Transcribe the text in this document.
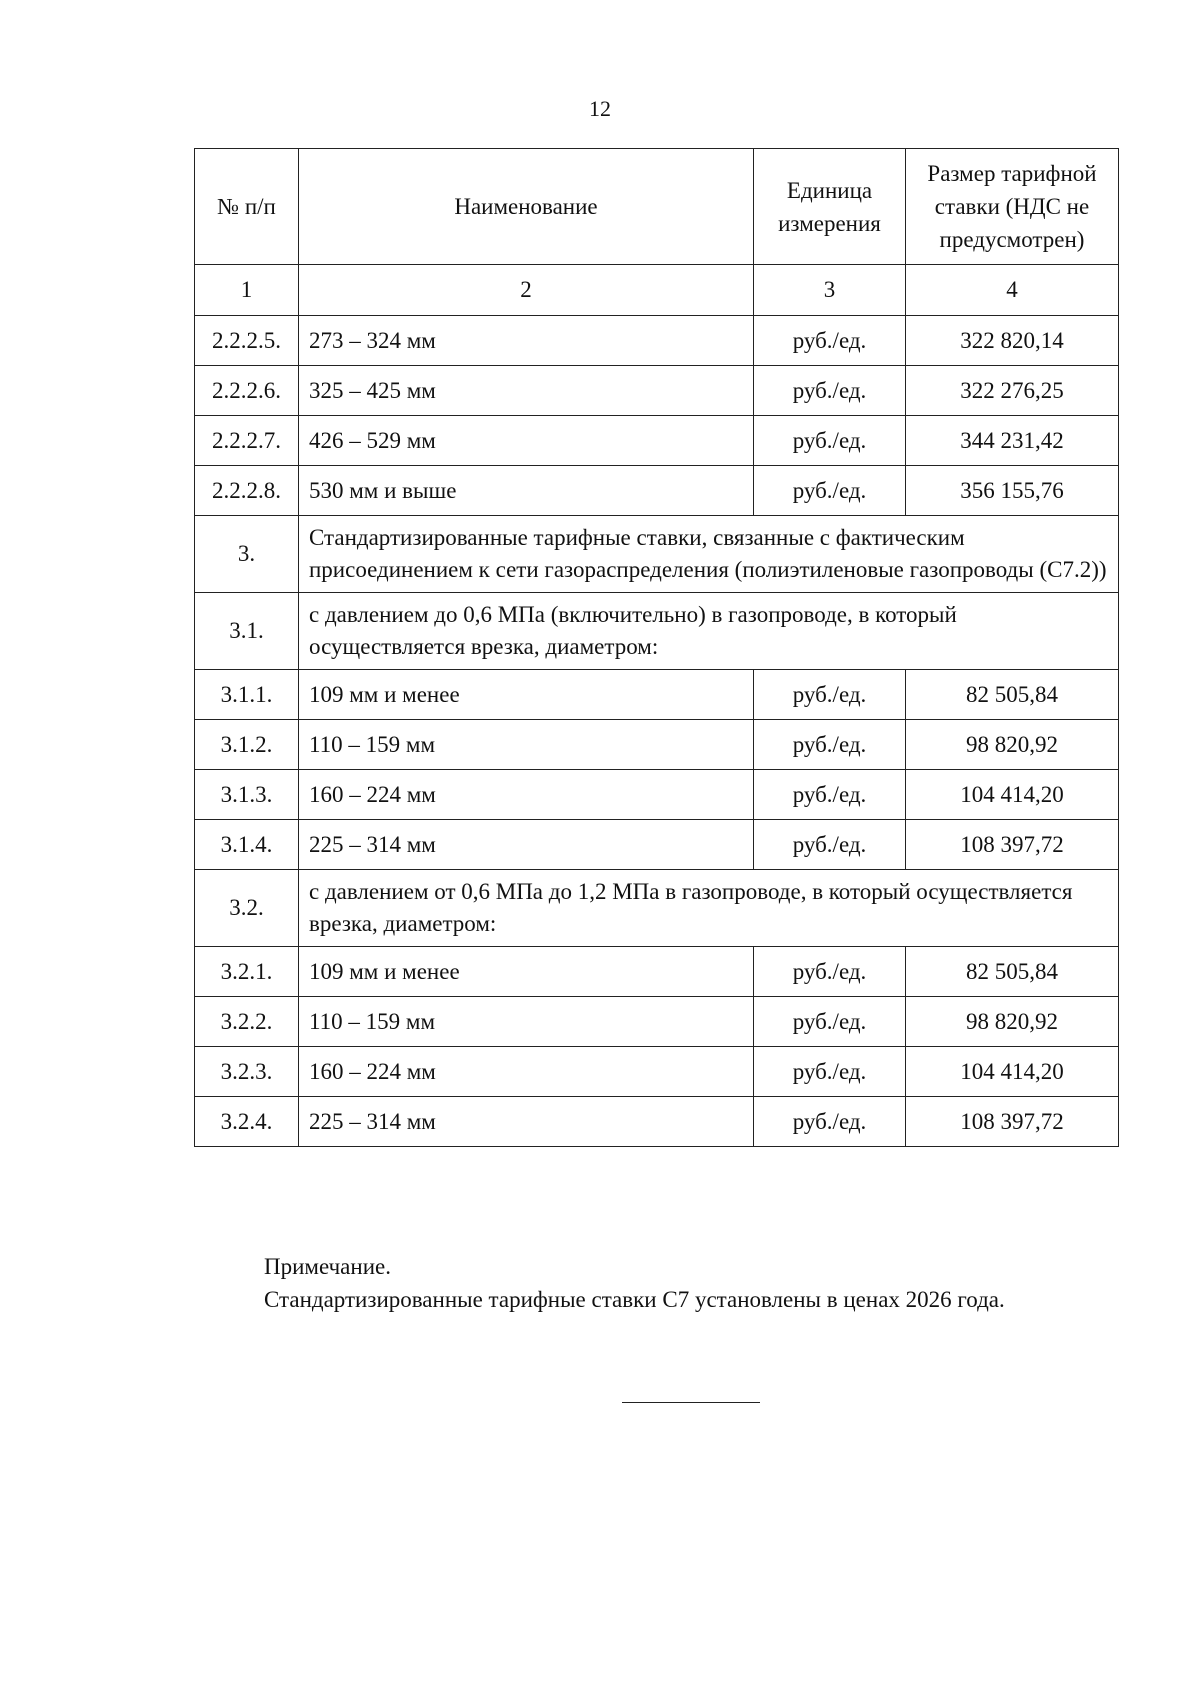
12
№ п/п	Наименование	Единица измерения	Размер тарифной ставки (НДС не предусмотрен)
1	2	3	4
2.2.2.5.	273 – 324 мм	руб./ед.	322 820,14
2.2.2.6.	325 – 425 мм	руб./ед.	322 276,25
2.2.2.7.	426 – 529 мм	руб./ед.	344 231,42
2.2.2.8.	530 мм и выше	руб./ед.	356 155,76
3.	Стандартизированные тарифные ставки, связанные с фактическим присоединением к сети газораспределения (полиэтиленовые газопроводы (С7.2))		
3.1.	с давлением до 0,6 МПа (включительно) в газопроводе, в который осуществляется врезка, диаметром:		
3.1.1.	109 мм и менее	руб./ед.	82 505,84
3.1.2.	110 – 159 мм	руб./ед.	98 820,92
3.1.3.	160 – 224 мм	руб./ед.	104 414,20
3.1.4.	225 – 314 мм	руб./ед.	108 397,72
3.2.	с давлением от 0,6 МПа до 1,2 МПа в газопроводе, в который осуществляется врезка, диаметром:		
3.2.1.	109 мм и менее	руб./ед.	82 505,84
3.2.2.	110 – 159 мм	руб./ед.	98 820,92
3.2.3.	160 – 224 мм	руб./ед.	104 414,20
3.2.4.	225 – 314 мм	руб./ед.	108 397,72
Примечание.
Стандартизированные тарифные ставки С7 установлены в ценах 2026 года.
